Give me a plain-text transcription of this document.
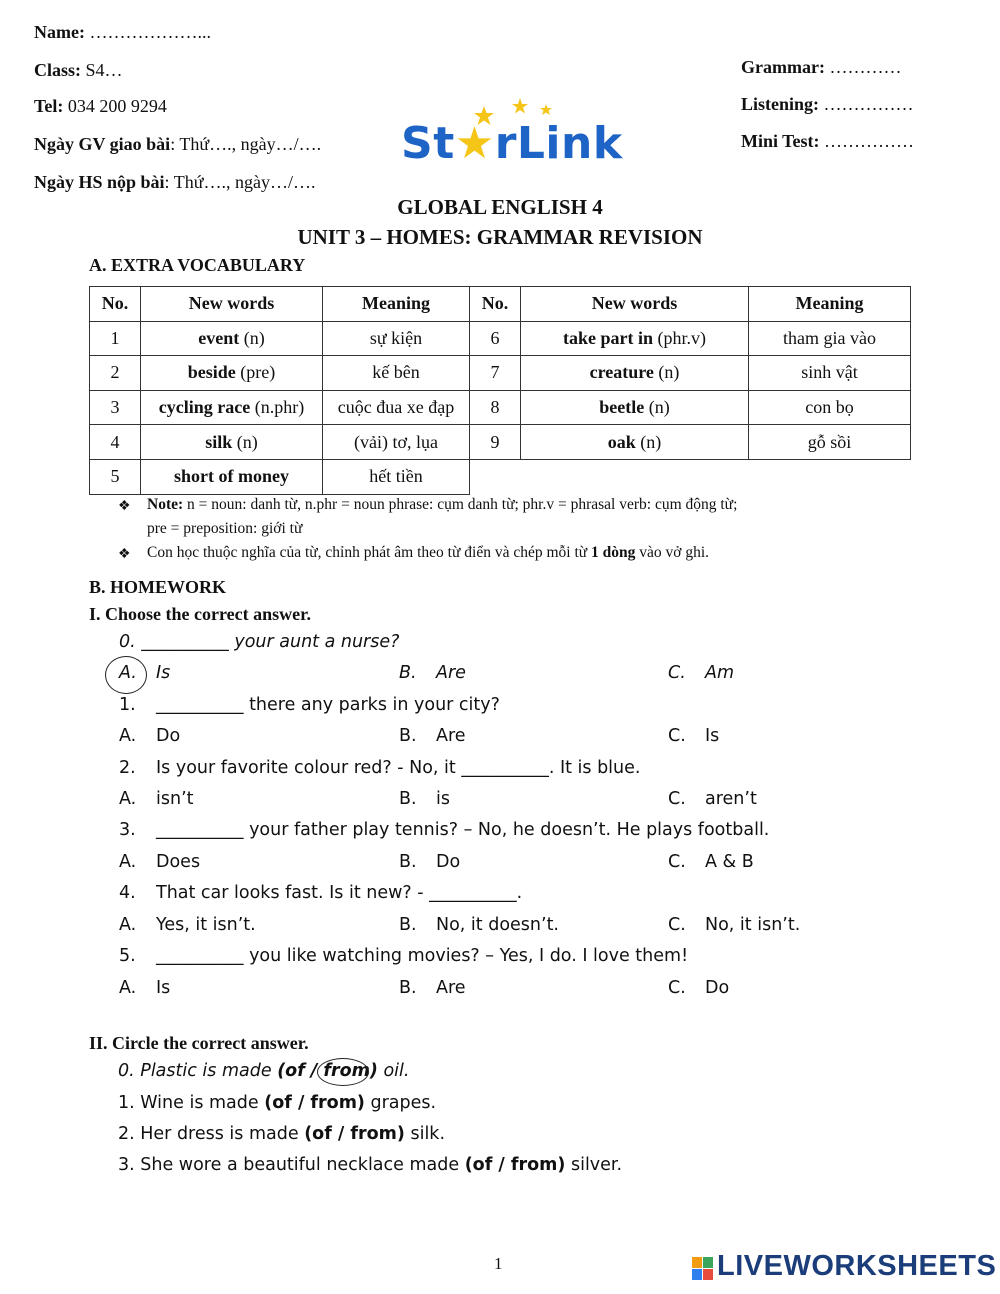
Name: ………………...
Class: S4…
Tel: 034 200 9294
Ngày GV giao bài: Thứ…., ngày…/….
Ngày HS nộp bài: Thứ…., ngày…/….
Grammar: …………
Listening: ……………
Mini Test: ……………
St★rLink
GLOBAL ENGLISH 4
UNIT 3 – HOMES: GRAMMAR REVISION
A. EXTRA VOCABULARY
No.	New words	Meaning	No.	New words	Meaning
1	event (n)	sự kiện	6	take part in (phr.v)	tham gia vào
2	beside (pre)	kế bên	7	creature (n)	sinh vật
3	cycling race (n.phr)	cuộc đua xe đạp	8	beetle (n)	con bọ
4	silk (n)	(vải) tơ, lụa	9	oak (n)	gỗ sồi
5	short of money	hết tiền			
❖ Note: n = noun: danh từ, n.phr = noun phrase: cụm danh từ; phr.v = phrasal verb: cụm động từ;
pre = preposition: giới từ
❖ Con học thuộc nghĩa của từ, chỉnh phát âm theo từ điển và chép mỗi từ 1 dòng vào vở ghi.
B. HOMEWORK
I. Choose the correct answer.
0. __________ your aunt a nurse?
A. Is	B. Are	C. Am
1. __________ there any parks in your city?
A. Do	B. Are	C. Is
2. Is your favorite colour red? - No, it __________. It is blue.
A. isn’t	B. is	C. aren’t
3. __________ your father play tennis? – No, he doesn’t. He plays football.
A. Does	B. Do	C. A & B
4. That car looks fast. Is it new? - __________.
A. Yes, it isn’t.	B. No, it doesn’t.	C. No, it isn’t.
5. __________ you like watching movies? – Yes, I do. I love them!
A. Is	B. Are	C. Do
II. Circle the correct answer.
0. Plastic is made (of / from)
oil.
1. Wine is made (of / from) grapes.
2. Her dress is made (of / from) silk.
3. She wore a beautiful necklace made (of / from) silver.
1	LIVEWORKSHEETS
